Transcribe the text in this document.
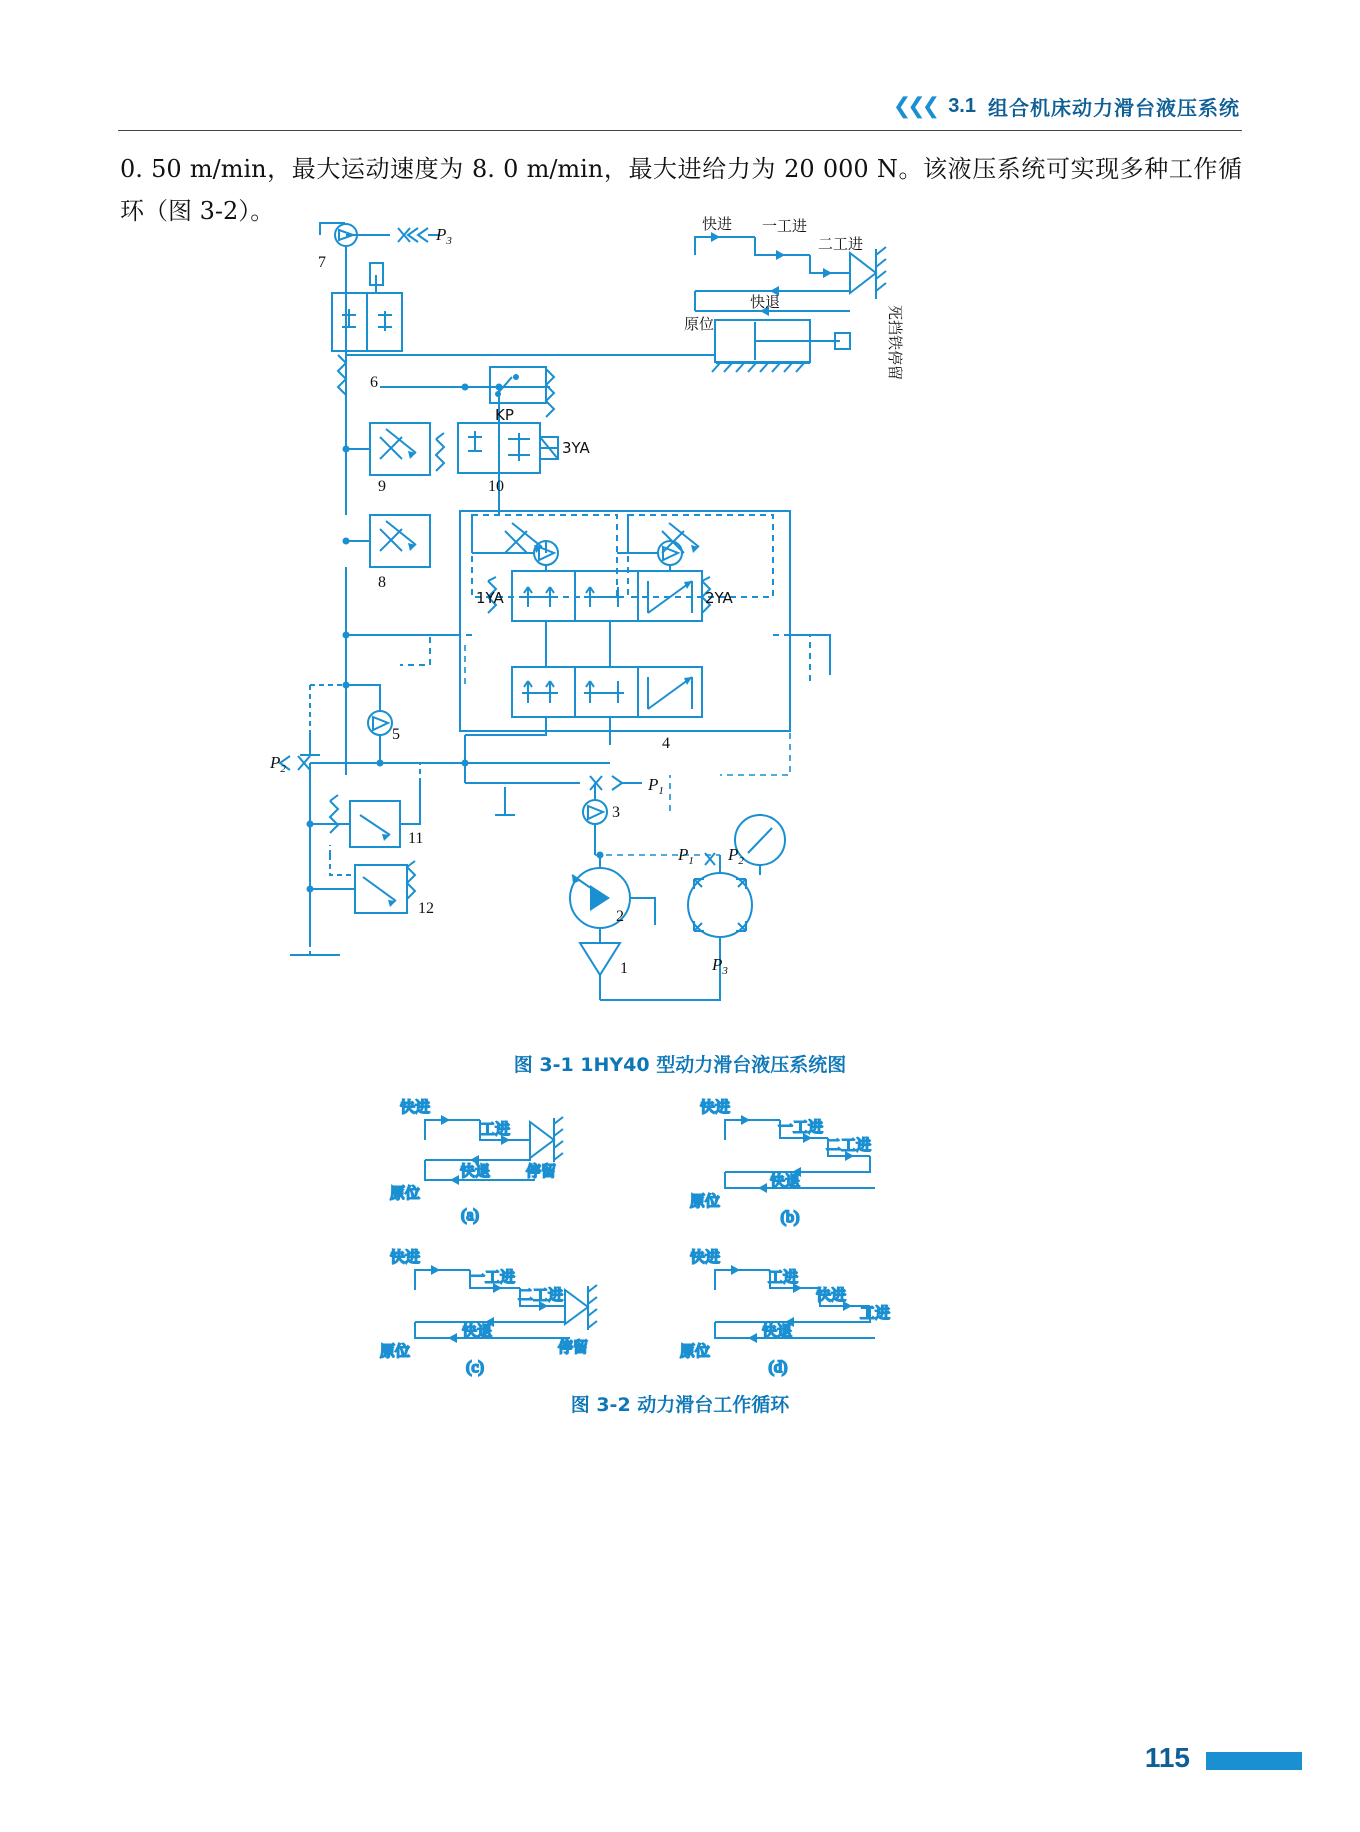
❮❮❮ 3.1 组合机床动力滑台液压系统
0. 50 m/min，最大运动速度为 8. 0 m/min，最大进给力为 20 000 N。该液压系统可实现多种工作循环（图 3-2）。
$P_3$
7
6
KP
9	10
3YA
8
1YA	2YA
5
4
$P_2$
$P_1$
11
12
3
2
1
$P_1$ $P_2$
$P_3$
快进 一工进
二工进
快退
原位	死挡铁停留
图 3-1 1HY40 型动力滑台液压系统图
快进
工进
快退 停留
原位
(a)
快进
一工进
二工进
快退
原位
(b)
快进
一工进
二工进
快退
停留
原位
(c)
快进
工进
快进
工进
快退
原位
(d)
图 3-2 动力滑台工作循环
115
